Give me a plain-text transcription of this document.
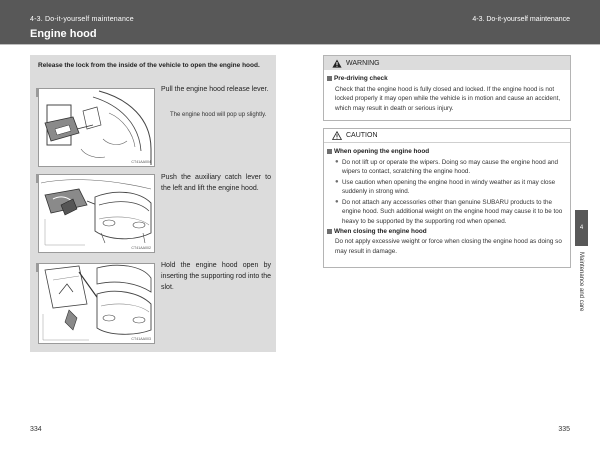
4-3. Do-it-yourself maintenance
Engine hood
4-3. Do-it-yourself maintenance
Release the lock from the inside of the vehicle to open the engine hood.
CT41AA004
Pull the engine hood release lever.
The engine hood will pop up slightly.
CT41AA002
Push the auxiliary catch lever to the left and lift the engine hood.
CT41AA003
Hold the engine hood open by inserting the supporting rod into the slot.
WARNING
Pre-driving check
Check that the engine hood is fully closed and locked. If the engine hood is not locked properly it may open while the vehicle is in motion and cause an accident, which may result in death or serious injury.
CAUTION
When opening the engine hood
● Do not lift up or operate the wipers. Doing so may cause the engine hood and wipers to contact, scratching the engine hood.
● Use caution when opening the engine hood in windy weather as it may close suddenly in strong wind.
● Do not attach any accessories other than genuine SUBARU products to the engine hood. Such additional weight on the engine hood may cause it to be too heavy to be supported by the supporting rod when opened.
When closing the engine hood
Do not apply excessive weight or force when closing the engine hood as doing so may result in damage.
4
Maintenance and care
334	335
